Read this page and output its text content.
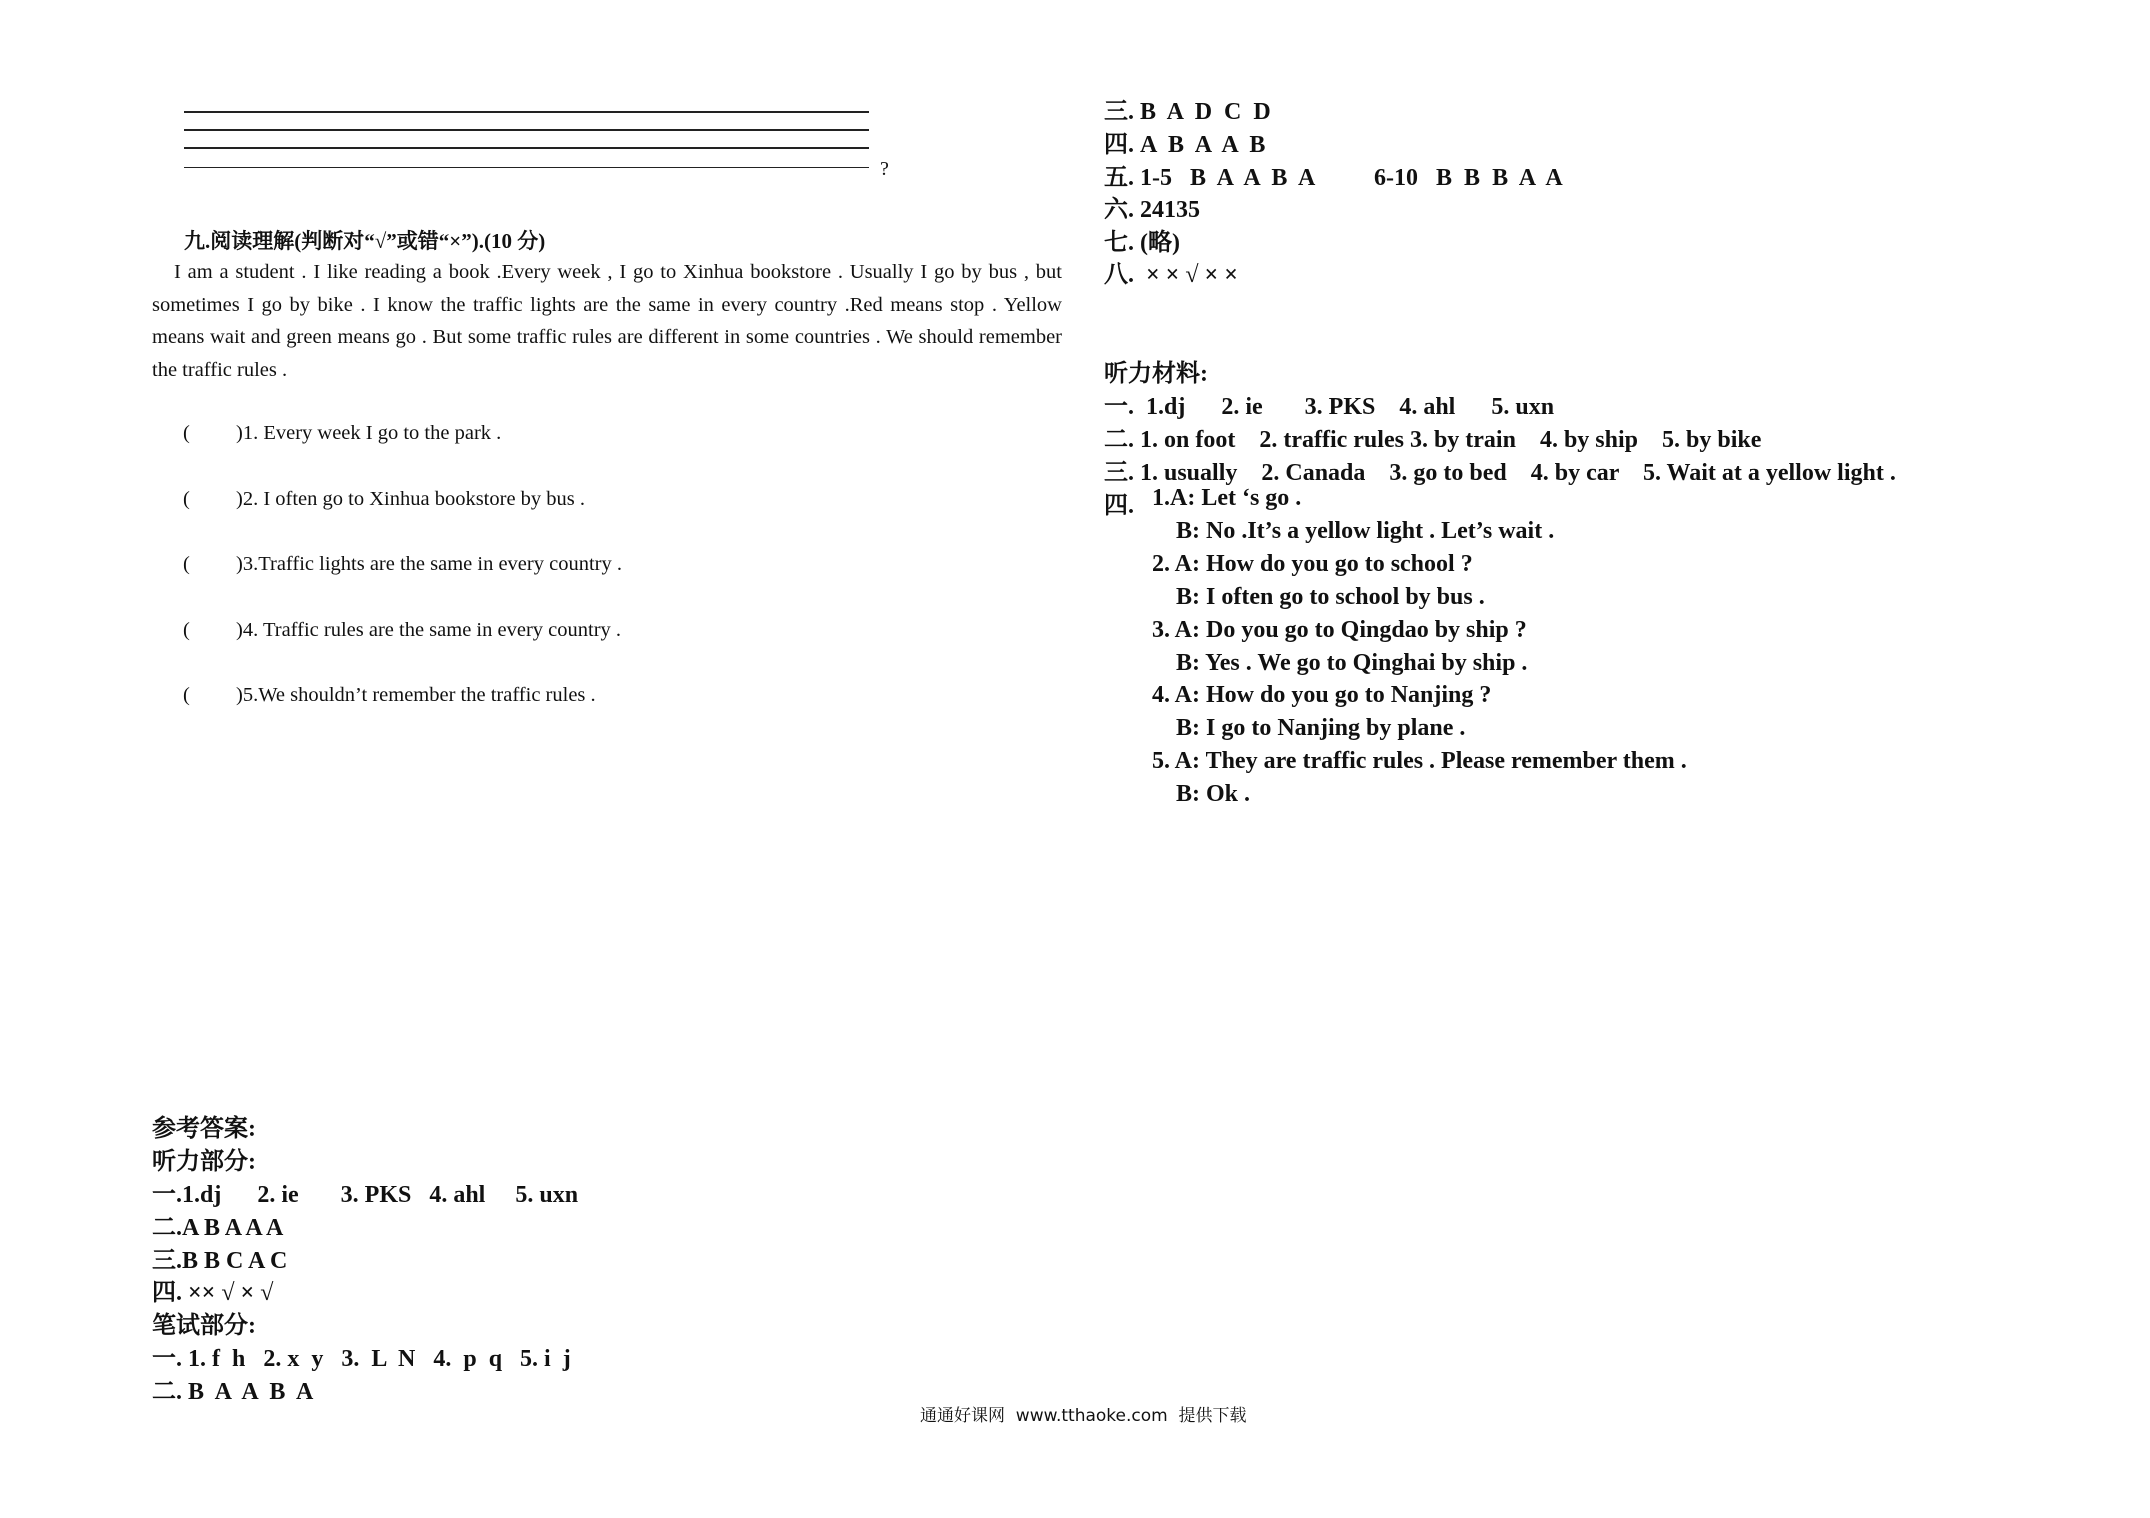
?
九.阅读理解(判断对“√”或错“×”).(10 分)
I am a student . I like reading a book .Every week , I go to Xinhua bookstore . Usually I go by bus , but sometimes I go by bike . I know the traffic lights are the same in every country .Red means stop . Yellow means wait and green means go . But some traffic rules are different in some countries . We should remember the traffic rules .
( )1. Every week I go to the park .
( )2. I often go to Xinhua bookstore by bus .
( )3.Traffic lights are the same in every country .
( )4. Traffic rules are the same in every country .
( )5.We shouldn’t remember the traffic rules .
参考答案:
听力部分:
一.1.dj      2. ie       3. PKS   4. ahl     5. uxn
二.A B A A A
三.B B C A C
四. ×× √ × √
笔试部分:
一. 1. f  h   2. x  y   3.  L  N   4.  p  q   5. i  j
二. B  A  A  B  A
三. B  A  D  C  D
四. A  B  A  A  B
五. 1-5   B  A  A  B  A          6-10   B  B  B  A  A
六. 24135
七. (略)
八.  × × √ × ×
听力材料:
一.  1.dj      2. ie       3. PKS    4. ahl      5. uxn
二. 1. on foot    2. traffic rules 3. by train    4. by ship    5. by bike
三. 1. usually    2. Canada    3. go to bed    4. by car    5. Wait at a yellow light .
四. 1.A: Let ‘s go .
B: No .It’s a yellow light . Let’s wait .
2. A: How do you go to school ?
B: I often go to school by bus .
3. A: Do you go to Qingdao by ship ?
B: Yes . We go to Qinghai by ship .
4. A: How do you go to Nanjing ?
B: I go to Nanjing by plane .
5. A: They are traffic rules . Please remember them .
B: Ok .
通通好课网  www.tthaoke.com  提供下载
